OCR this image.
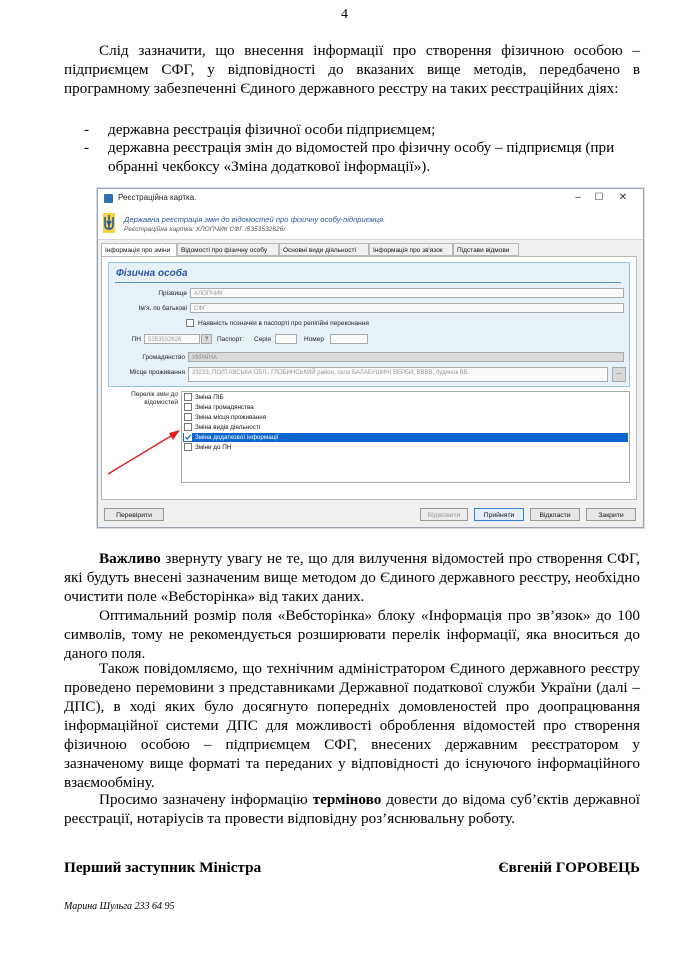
4

Слід зазначити, що внесення інформації про створення фізичною особою – підприємцем СФГ, у відповідності до вказаних вище методів, передбачено в програмному забезпеченні Єдиного державного реєстру на таких реєстраційних діях:

-	державна реєстрація фізичної особи підприємцем;
-	державна реєстрація змін до відомостей про фізичну особу – підприємця (при обранні чекбоксу «Зміна додаткової інформації»).
Реєстраційна картка.	–	☐ ✕
Державна реєстрація змін до відомостей про фізичну особу-підприємця.
Реєстраційна картка: ХЛОПЧИК СФГ /5353532626/
Інформація про зміни	Відомості про фізичну особу	Основні види діяльності	Інформація про зв'язок	Підстави відмови
Фізична особа
Прізвище	ХЛОПЧИК
Ім'я, по батькові	СФГ
Наявність позначки в паспорті про релігійні переконання
ПН	5353532626	?	Паспорт: Серія	Номер
Громадянство	УКРАЇНА
Місце проживання	23233, ПОЛТАВСЬКА ОБЛ., ГЛОБИНСЬКИЙ район, село БАЛАБУШИНІ ВЕРБИ, ВВВВ, будинок ВВ.	...
Перелік змін до відомостей
Зміна ПІБ
Зміна громадянства
Зміна місця проживання
Зміна видів діяльності
Зміна додаткової інформації
Зміни до ПН
Перевірити	Відмовити	Прийняти	Відкласти	Закрити

Важливо звернуту увагу не те, що для вилучення відомостей про створення СФГ, які будуть внесені зазначеним вище методом до Єдиного державного реєстру, необхідно очистити поле «Вебсторінка» від таких даних.

Оптимальний розмір поля «Вебсторінка» блоку «Інформація про зв’язок» до 100 символів, тому не рекомендується розширювати перелік інформації, яка вноситься до даного поля.

Також повідомляємо, що технічним адміністратором Єдиного державного реєстру проведено перемовини з представниками Державної податкової служби України (далі – ДПС), в ході яких було досягнуто попередніх домовленостей про доопрацювання інформаційної системи ДПС для можливості оброблення відомостей про створення фізичною особою – підприємцем СФГ, внесених державним реєстратором у зазначеному вище форматі та переданих у відповідності до існуючого інформаційного взаємообміну.

Просимо зазначену інформацію терміново довести до відома суб’єктів державної реєстрації, нотаріусів та провести відповідну роз’яснювальну роботу.

Перший заступник Міністра	Євгеній ГОРОВЕЦЬ
Марина Шульга 233 64 95
